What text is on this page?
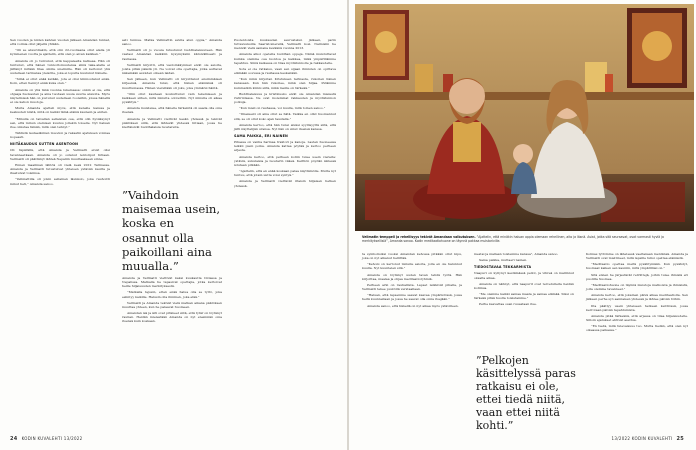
Sen vuoden ja niiden kahden vuoden jälkeen Amandan tunnat, että voimia ollut jäljellä yhtään.

”Oli se absurdiakin, että olin 22-vuotiaana ollut alalla yli kymmenen vuotta ja ajattelin, että olen jo aivan kaikken.”

Amanda oli jo tuntunut, että kappaleelta katkeaa. Hän oli tuntunut, että hänen tunnottomuutensa siinä taka-alalla ei jättänyt mitään tilaa omille unelmille. Hän oli kertonut yhä uudelleen tarinansa yleisölle, joka ei lopulta kuulunut hänelle.

”Siinä ei ollut enää ketään, jota ei olisi kiinnostanut enää. Koin, etten tiennyt enää kuka olen.”

Amanda on yhä tänä vuonna lukemassa: onkin ei ole, että ohjaaja huokauten ja aina tuodaan uusia suuria ansioita. Myös näytelmissä hän on joutunut uudelleen rooleihin, joissa hänellä ei ole kehon muotoja.

Muita Amanda ajatteli myös, että kenelle kanssa ja keskusteli niistä, mitä on kaikki tämä elämä kaunein ja eniten.

”Minulla on taivallan sellaisten osa, että olin hyväksynyt sen, että minun olemisen kuuluu jollekin toiselle. Nyt haluan itse omistaa tämän, mitä olen tehnyt.”

Tähtistä lautaeläinten muodon ja rakastin ajatuksen voimaa nopeasti.

NIITÄKAUDUS SUTTEN ASENTOON

Oli täpärällä, että Amanda ja Vellmatti eivät olisi tavanneetkaan. Amanda oli jo ostanut lentoliput Intiaan. Vellmatti oli päättänyt lähteä Nepaliin muuttaakseen sinne.

Ennen maailman lähtöä oli vielä kesä 2012 Tarinassa. Amanda ja Vellmatti tutustuivat yhteisen ystävän kautta ja ihastuivat toisiinsa.

”Vellmattilla oli jokin sellainen läsnäolo, joka rauhoitti minut heti,” Amanda sanoo.

asti tunnua. Matka Vellmattin avulla alun oppia,” Amanda sanoo.

Vellmatti oli jo vuosia tutustunut buddhalaisuuteen. Hän vastasi Amandan kaikkiin kysymyksiin kärsivällisesti ja rauhassa.

Vellmatti kirjoitti, että vastoinkäymiset eivät ole asioita, joista pitää päästä yli. Ne voivat olla opettajia, jotka auttavat näkemään asioiden oikean laidan.

Sen jälkeen, kun Vellmatti oli kirjoittanut ensimmäisen kirjeensä, Amanda tunsi, että hänen elämänsä oli muuttumassa. Hänen vierellään oli joku, joka ymmärsi häntä.

”Olin ollut kauhean koukuttunut vain tekemiseen ja kaikkeen siihen, mitä minulta odotettiin. Nyt minulla oli aikaa pysähtyä.”

Amanda muistelee, että hänelle tärkeintä oli saada olla oma itsensä.

Amanda ja Vellmatti viettivät kesän yhdessä ja tekivät päätöksen siitä, että lähtevät yhdessä Intiaan, jossa he kiertäisivät buddhalaisia luostareita.

”Vaihdoin maisemaa usein, koska en osannut olla paikoillani aina muualla.”

Amanda ja Vellmatti viettivät kaksi kuukautta Intiassa ja Nepalissa. Matkalla he tapasivat opettajia, jotka kertoivat heille hiljaisuuden merkityksestä.

”Matkalla tajusin, etten enää halua olla se tyttö, joka esiintyy kaikille. Halusin olla ihminen, joka elää.”

Vellmatti ja Amanda tekivät vielä matkan aikana päätöksen muuttaa yhteen, kun he palaavat Suomeen.

Amandan isä ja äiti ovat pitäneet siitä, että tytär on löytänyt rauhan. Heidän mielestään Amanda on nyt enemmän oma itsensä kuin koskaan.

Puolentoista kuukauden seurustelun jälkeen, parin tuttavuuksilla Saaristomerellä, Vellmatti kosi. Naimisiin he menivät vielä samana keväänä vuonna 2013.

Amanda alkoi opetella buddhan oppeja. Nämä muistuttavat kuinka olemme osa luontoa ja kaikkea, mikä ympärillämme tapahtuu. Siinä kaikessa on tilaa myötätunnolle ja rakkaudelle.

Sota ei ole ratkaisu, vaan sen sijaan ihmisten on opittava elämään sovussa ja rauhassa keskenään.

”Kun minä kirjoitan Kristuksen tarinasta, rukoilen hänen kanssaan. Kun hän rukoilee, minä olen hiljaa. Pidämme kummatkin kiinni siitä, mikä meille on tärkeää.”

Buddhalaisuus ja kristinusko eivät ole Amandan mielestä ristiriidassa. Ne ovat molemmat rakkauden ja myötätunnon polkuja.

”Kun mieli on rauhassa, voi kuulla, mitä toinen sanoo.”

”Ilmeisesti oli aina ollut se hätä. Vaikka en ollut huomannut sitä, se oli ollut koko ajan taustalla.”

Amanda kertoo, että hän tunsi aluksi syyllisyyttä siitä, että jätti näyttelijän uransa. Nyt hän on sinut itsensä kanssa.

SAMA PAIKKA, ERI NAINEN

Pihassa on vanha harmaa traktori ja kanoja. Lasten huoneessa leikkii pieni poika. Amanda kattaa pöytää ja kertoo perheen arjesta.

Amanda kertoo, että perheen kotiin tulee usein vieraita: ystäviä, sukulaisia ja luostarin väkeä. Keittiön pöydän ääressä istutaan pitkään.

”Ajattelin, että en enää koskaan palaa näyttämölle. Mutta nyt tuntuu, että jotain uutta voisi syntyä.”

Amanda ja Vellmatti viettävät iltaisin hiljaisen hetken yhdessä.

24 KODIN KUVALEHTI 13/2022
Vellmatin temppeli ja rehellisyys tekivät Amandaan vaikutuksen. ”Ajattelin, että minäkin haluan oppia olemaan rehellinen, aito ja läsnä. Asiat, jotka sitä seuraavat, ovat varmasti hyviä ja merkityksellisiä”, Amanda sanoo. Kodin meditaatiohuone on täynnä pakkaa muistoriville.

ta symbolisiksi vuoksi Amandan kehossa pitkään ollut kipu, joka on nyt alkanut hellittää.

”Kehoni on kertonut minulle asioita, joita en ole halunnut kuulla. Nyt kuuntelen sitä.”

Amanda on löytänyt uuden tavan tehdä työtä. Hän kirjoittaa, maalaa ja ohjaa meditaatioryhmiä.

Perheen arki on rauhallista. Lapset leikkivät pihalla, ja Vellmatti tekee puutöitä verstaallaan.

”Haluan, että lapsemme saavat kasvaa ympäristössä, jossa heitä kuunnellaan ja jossa he saavat olla omia itsejään.”

Amanda sanoo, että hänellä on nyt aikaa myös ystävilleen.

mestai ja mallaan toistemme kanssa”, Amanda sanoo.

Sama paikka, muttaeri nainen.

TIEDOSTAVAA TEKKARMISTA

Naapuri on kyllynyt äestämässä pellot, ja vihreä on mallinnut oksalta aikaa.

Amanda on nähnyt, että naapurit ovat tervetulleita heidän kotiinsa.

”Me olemme kaikki samaa maata ja samaa elämää. Siksi on tärkeää pitää huolta toisistamme.”

Perhe kasvattaa osan ruuastaan itse.

”Pelkojen käsittelyssä paras ratkaisu ei ole, ettei tiedä niitä, vaan ettei niitä kohti.”

Kolmas tyttömme on lähetessä vaeltanaan mentänsä. Amanda ja Vellmatti ovat miettineet, mitä lapsille tulisi opettaa elämästä.

”Meditaatio opettaa meitä pysähtymään. Kun pysähdyt, huomaat kaiken sen kauniin, mitä ympärilläsi on.”

Sitä ennen he järjestävät retriittejä, joihin tulee ihmisiä eri puolilta Suomea.

”Meditaatiohuone on täynnä muistoja matkoista ja ihmisistä, joita olemme tavanneet.”

Amanda kertoo, että jokainen päivä alkaa meditaatiolla. Sen jälkeen perhe syö aamiaisen yhdessä ja lähtee päivän töihin.

Ilta päättyy usein yhteiseen hetkeen keittiössä, jossa kerrotaan päivän tapahtumista.

Amanda pitää tärkeänä, että arjessa on tilaa hiljaisuudelle. Silloin ajatukset ehtivät asettua.

”En tiedä, mitä tulevaisuus tuo. Mutta tiedän, että olen nyt oikeassa paikassa.”

13/2022 KODIN KUVALEHTI 25
